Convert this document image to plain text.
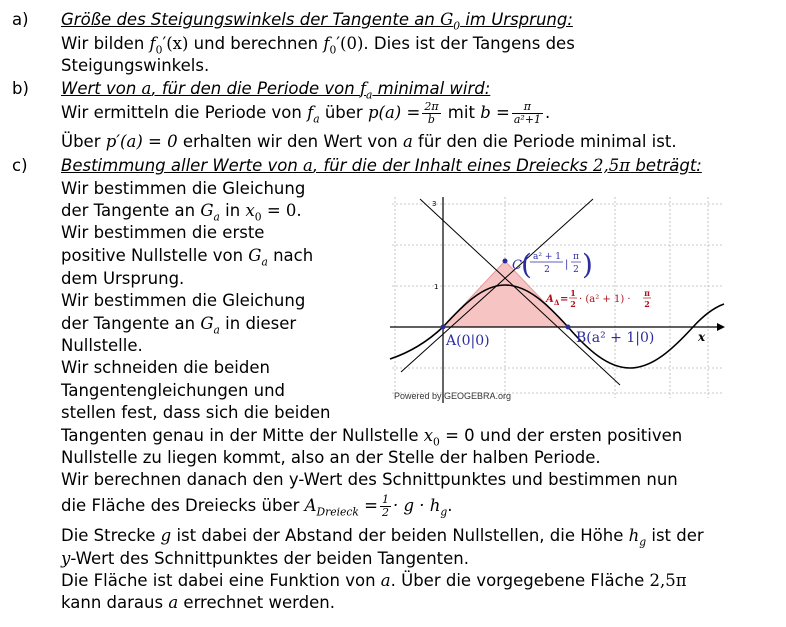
a) Größe des Steigungswinkels der Tangente an $G_0$ im Ursprung:
Wir bilden $f_0'(x)$ und berechnen $f_0'(0)$. Dies ist der Tangens des
Steigungswinkels.
b) Wert von a, für den die Periode von $f_a$ minimal wird:
Wir ermitteln die Periode von $f_a$ über $p(a) = \frac{2\pi}{b}$ mit $b = \frac{\pi}{\text{a²+1}}$ .
Über p′(a) = 0 erhalten wir den Wert von a für den die Periode minimal ist.
c) Bestimmung aller Werte von a, für die der Inhalt eines Dreiecks 2,5π beträgt:
Wir bestimmen die Gleichung
der Tangente an $G_a$ in $x_0 = 0$.
Wir bestimmen die erste
positive Nullstelle von $G_a$ nach
dem Ursprung.
Wir bestimmen die Gleichung
der Tangente an $G_a$ in dieser
Nullstelle.
Wir schneiden die beiden
Tangentengleichungen und
stellen fest, dass sich die beiden
Tangenten genau in der Mitte der Nullstelle $x_0 = 0$ und der ersten positiven
Nullstelle zu liegen kommt, also an der Stelle der halben Periode.
Wir berechnen danach den y-Wert des Schnittpunktes und bestimmen nun
die Fläche des Dreiecks über $A_{Dreieck} = \frac{1}{2} \cdot g \cdot h_g$.
Die Strecke g ist dabei der Abstand der beiden Nullstellen, die Höhe $h_g$ ist der
y-Wert des Schnittpunktes der beiden Tangenten.
Die Fläche ist dabei eine Funktion von a. Über die vorgegebene Fläche 2,5π
kann daraus a errechnet werden.
3
1
x
A(0|0)	B(a² + 1|0)
C ( a² + 1
2 |
π
2 )
A Δ =
1
2 · (a² + 1) ·
π
2
Powered by GEOGEBRA.org
